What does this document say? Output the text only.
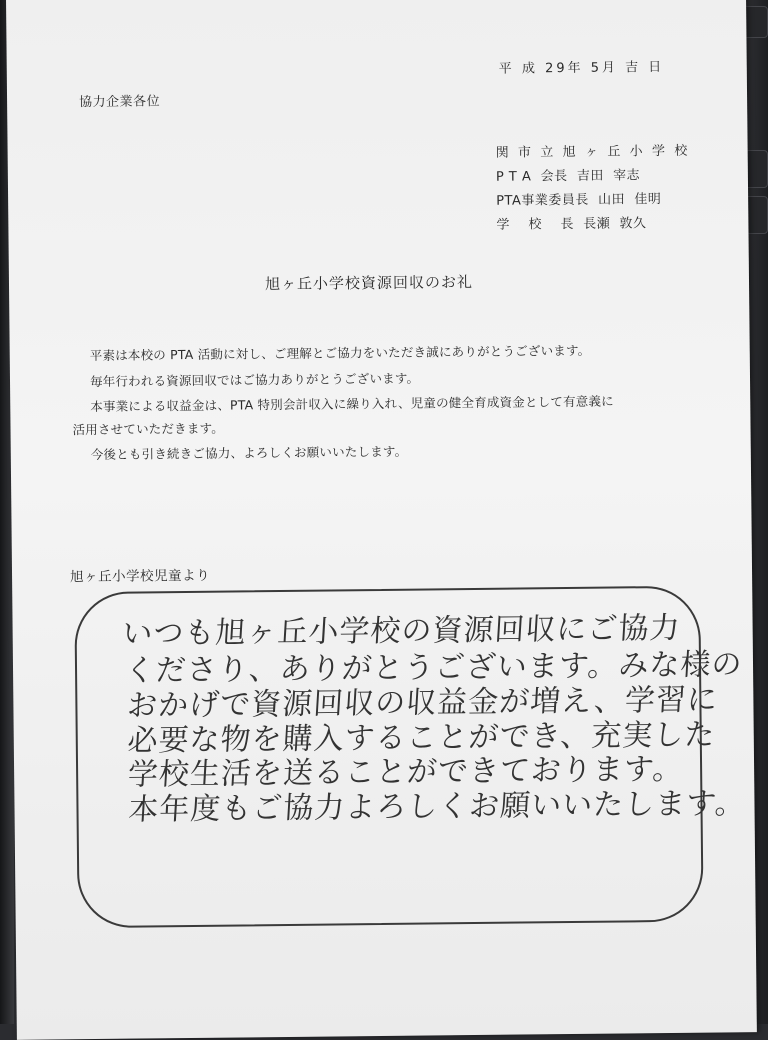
平 成 29年 5月 吉 日
協力企業各位
関 市 立 旭 ヶ 丘 小 学 校
P T A  会長  吉田  宰志
PTA事業委員長  山田  佳明
学    校    長  長瀬  敦久
旭ヶ丘小学校資源回収のお礼
平素は本校の PTA 活動に対し、ご理解とご協力をいただき誠にありがとうございます。
毎年行われる資源回収ではご協力ありがとうございます。
本事業による収益金は、PTA 特別会計収入に繰り入れ、児童の健全育成資金として有意義に
活用させていただきます。
今後とも引き続きご協力、よろしくお願いいたします。
旭ヶ丘小学校児童より
いつも旭ヶ丘小学校の資源回収にご協力
くださり、ありがとうございます。みな様の
おかげで資源回収の収益金が増え、学習に
必要な物を購入することができ、充実した
学校生活を送ることができております。
本年度もご協力よろしくお願いいたします。
